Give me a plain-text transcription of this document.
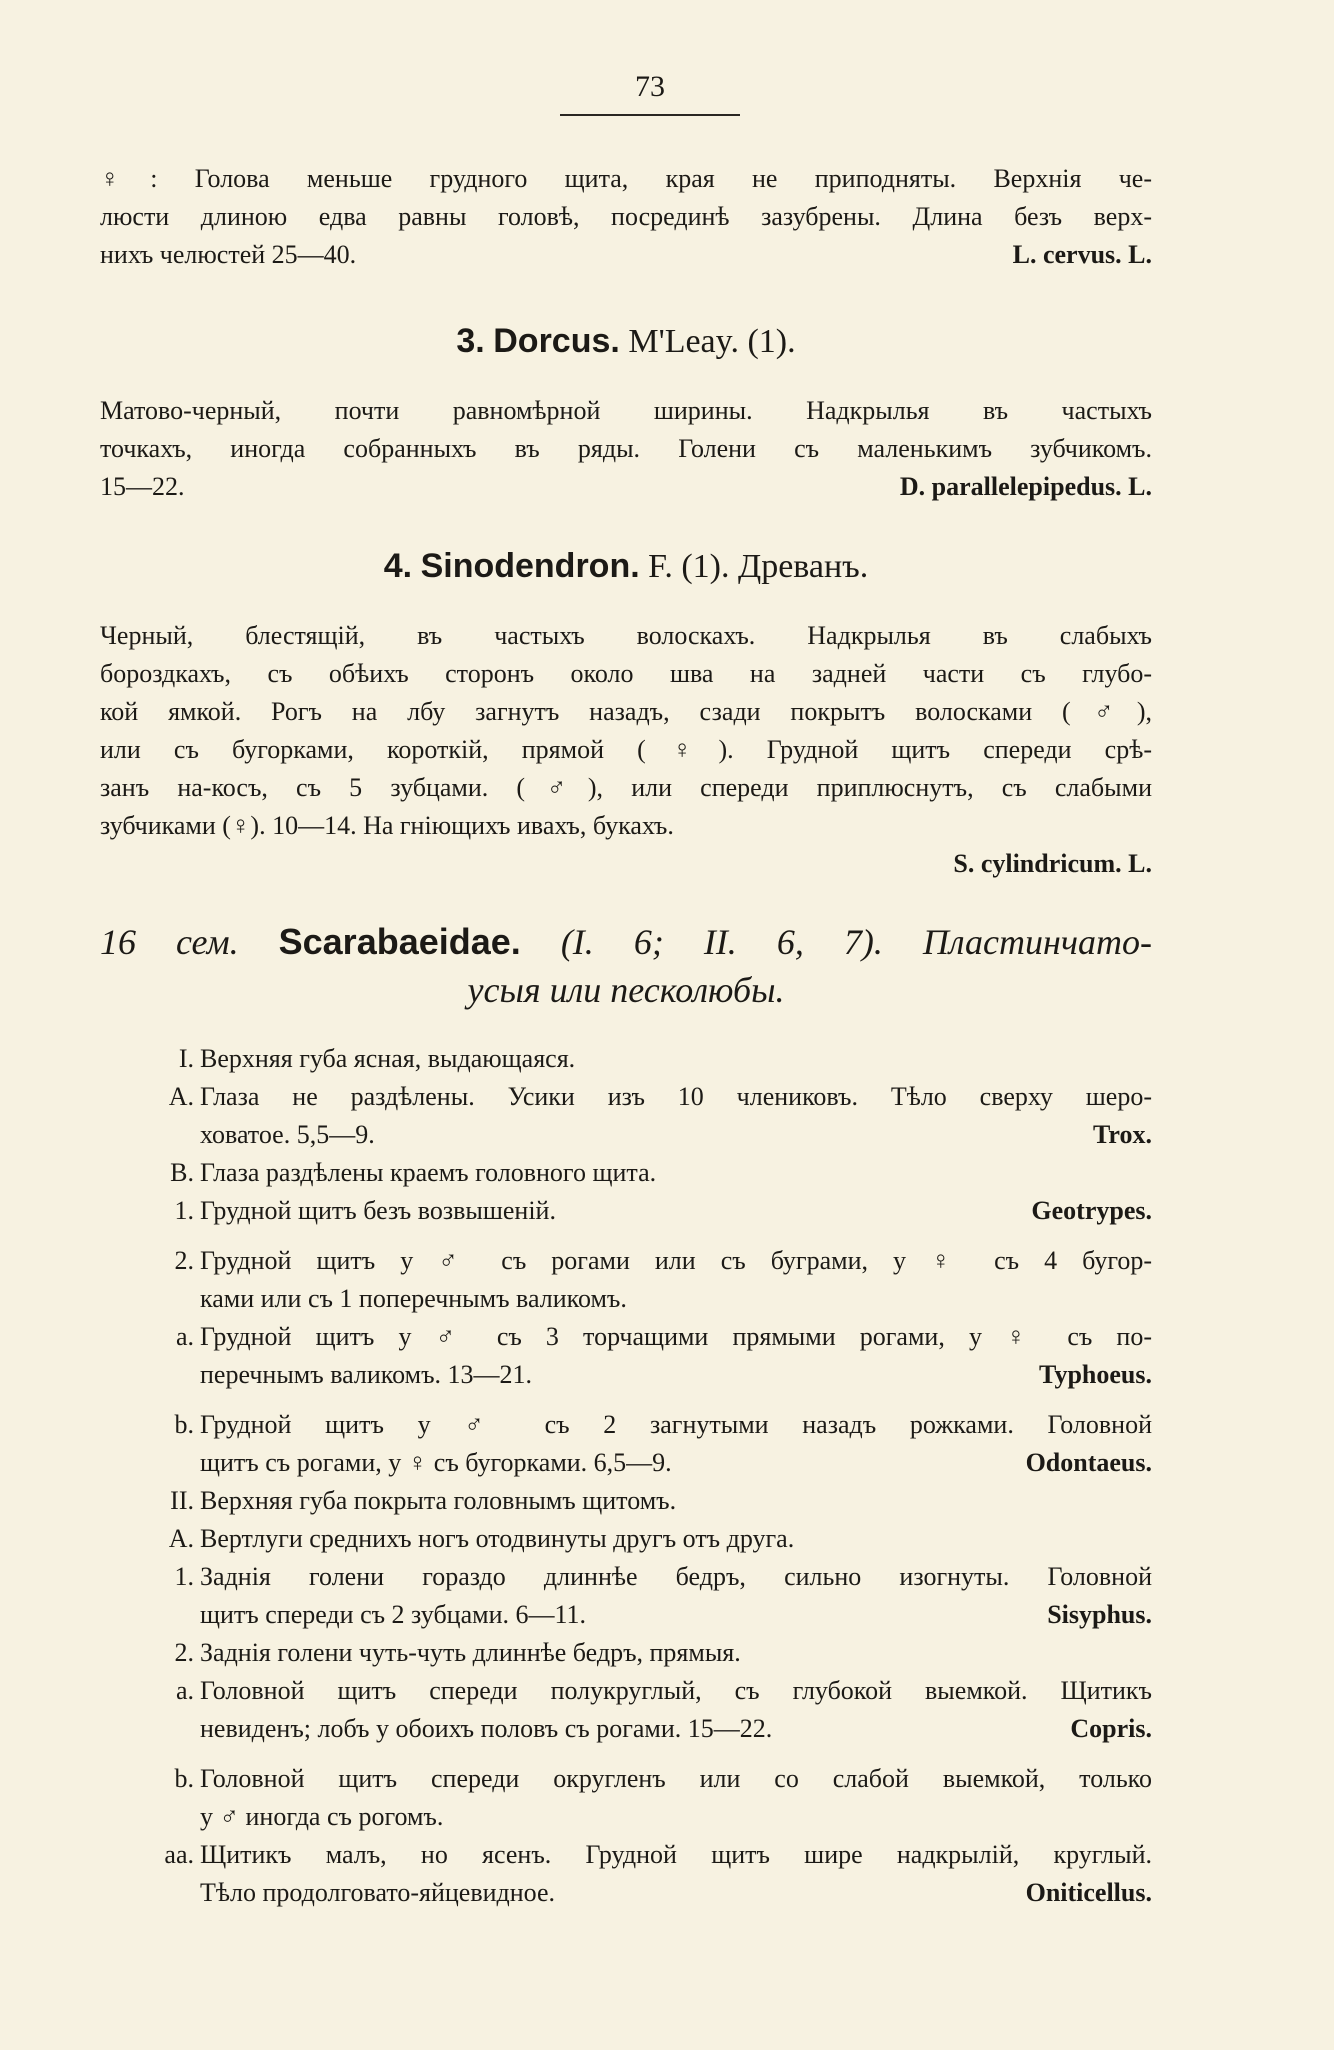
73
♀: Голова меньше грудного щита, края не приподняты. Верхнія че-
люсти длиною едва равны головѣ, посрединѣ зазубрены. Длина безъ верх-
нихъ челюстей 25—40.	L. cervus. L.
3. Dorcus. M'Leay. (1).
Матово-черный, почти равномѣрной ширины. Надкрылья въ частыхъ
точкахъ, иногда собранныхъ въ ряды. Голени съ маленькимъ зубчикомъ.
15—22.	D. parallelepipedus. L.
4. Sinodendron. F. (1). Древанъ.
Черный, блестящій, въ частыхъ волоскахъ. Надкрылья въ слабыхъ
бороздкахъ, съ обѣихъ сторонъ около шва на задней части съ глубо-
кой ямкой. Рогъ на лбу загнутъ назадъ, сзади покрытъ волосками (♂),
или съ бугорками, короткій, прямой (♀). Грудной щитъ спереди срѣ-
занъ на-косъ, съ 5 зубцами. (♂), или спереди приплюснутъ, съ слабыми
зубчиками (♀). 10—14. На гніющихъ ивахъ, букахъ.
S. cylindricum. L.
16 сем. Scarabaeidae. (I. 6; II. 6, 7). Пластинчато-
усыя или песколюбы.
I. Верхняя губа ясная, выдающаяся.
A. Глаза не раздѣлены. Усики изъ 10 члениковъ. Тѣло сверху шеро-
ховатое. 5,5—9.	Trox.
B. Глаза раздѣлены краемъ головного щита.
1. Грудной щитъ безъ возвышеній.	Geotrypes.
2. Грудной щитъ у ♂ съ рогами или съ буграми, у ♀ съ 4 бугор-
ками или съ 1 поперечнымъ валикомъ.
a. Грудной щитъ у ♂ съ 3 торчащими прямыми рогами, у ♀ съ по-
перечнымъ валикомъ. 13—21.	Typhoeus.
b. Грудной щитъ у ♂ съ 2 загнутыми назадъ рожками. Головной
щитъ съ рогами, у ♀ съ бугорками. 6,5—9.	Odontaeus.
II. Верхняя губа покрыта головнымъ щитомъ.
A. Вертлуги среднихъ ногъ отодвинуты другъ отъ друга.
1. Заднія голени гораздо длиннѣе бедръ, сильно изогнуты. Головной
щитъ спереди съ 2 зубцами. 6—11.	Sisyphus.
2. Заднія голени чуть-чуть длиннѣе бедръ, прямыя.
a. Головной щитъ спереди полукруглый, съ глубокой выемкой. Щитикъ
невиденъ; лобъ у обоихъ половъ съ рогами. 15—22.	Copris.
b. Головной щитъ спереди округленъ или со слабой выемкой, только
у ♂ иногда съ рогомъ.
aa. Щитикъ малъ, но ясенъ. Грудной щитъ шире надкрылій, круглый.
Тѣло продолговато-яйцевидное.	Oniticellus.
